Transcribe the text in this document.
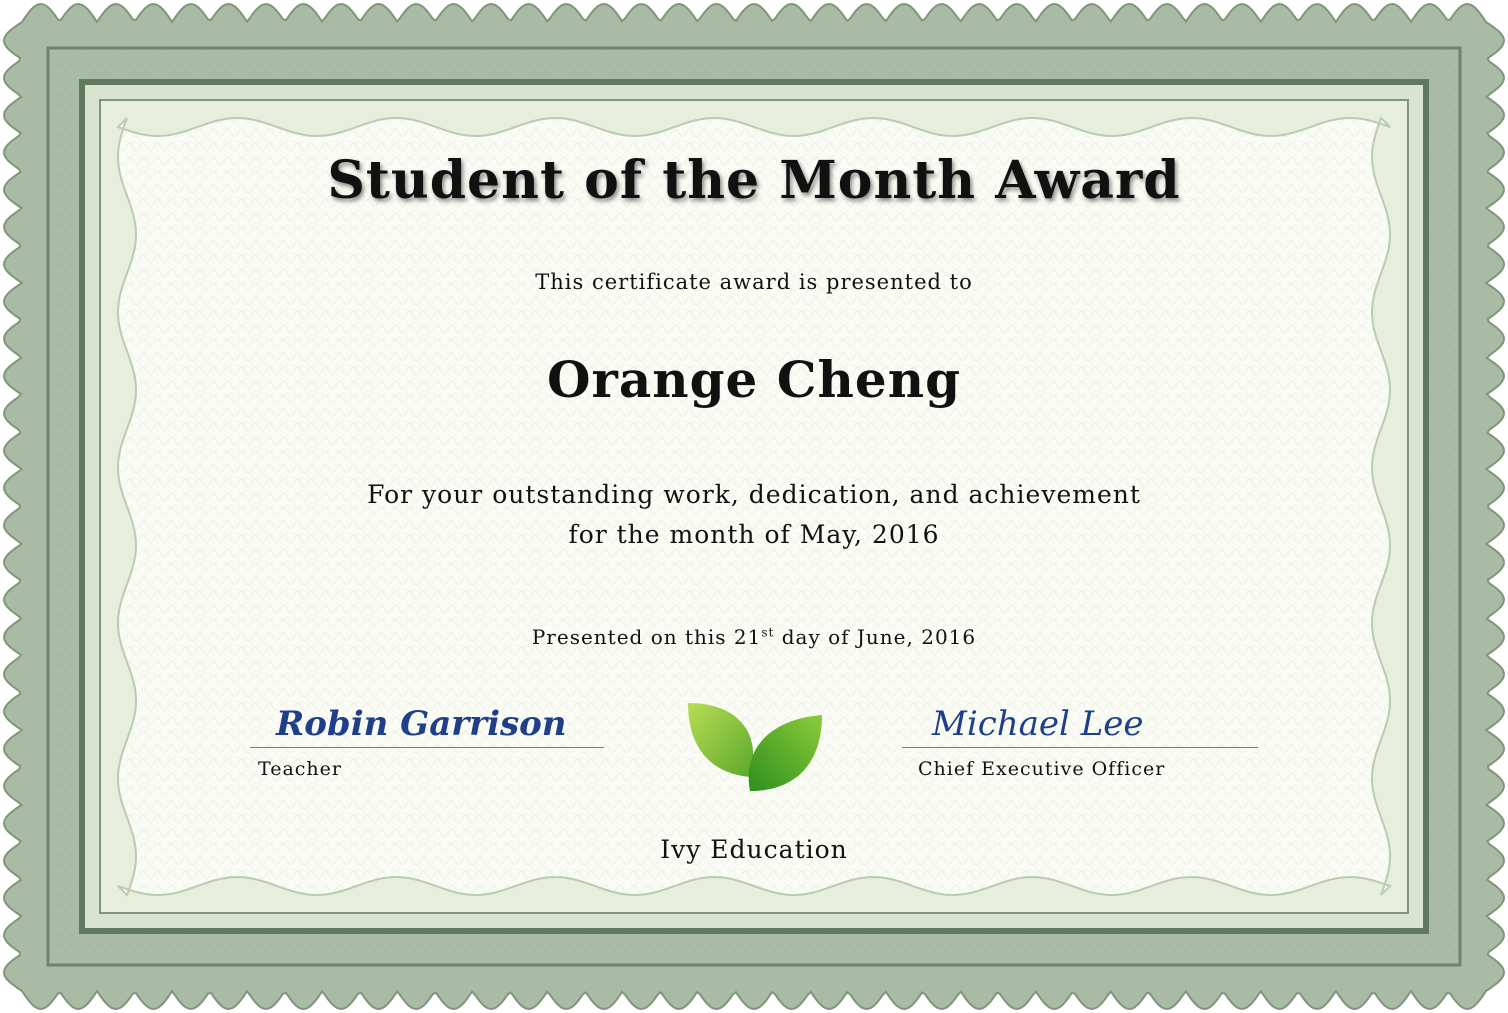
Student of the Month Award
This certificate award is presented to
Orange Cheng
For your outstanding work, dedication, and achievement
for the month of May, 2016
Presented on this 21st day of June, 2016
Robin Garrison
Teacher
Michael Lee
Chief Executive Officer
Ivy Education
